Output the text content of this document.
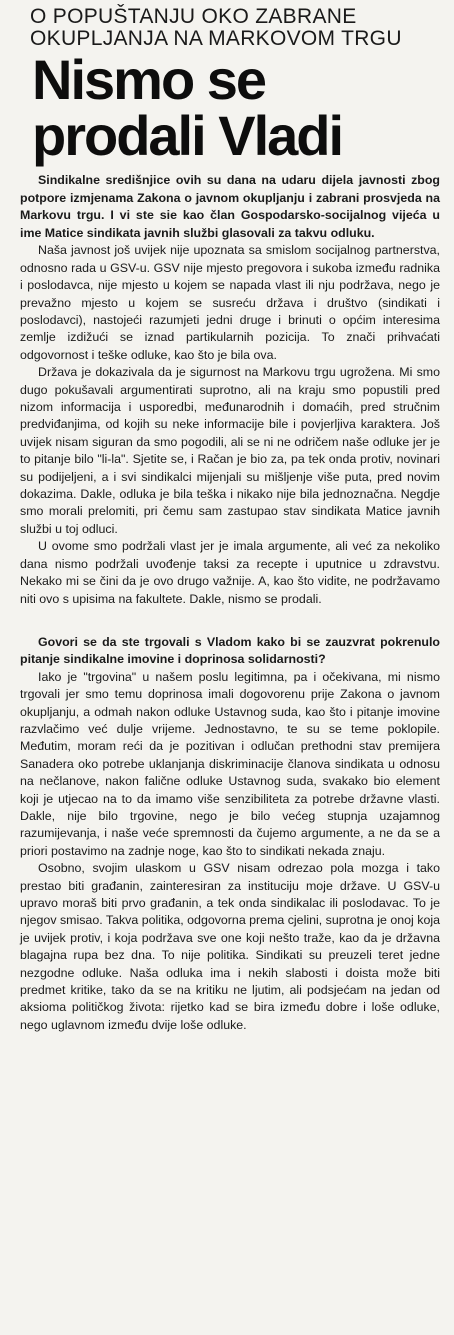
O POPUŠTANJU OKO ZABRANE
OKUPLJANJA NA MARKOVOM TRGU
Nismo se
prodali Vladi

Sindikalne središnjice ovih su dana na udaru dijela javnosti zbog potpore izmjenama Zakona o javnom okupljanju i zabrani prosvjeda na Markovu trgu. I vi ste sie kao član Gospodarsko-socijalnog vijeća u ime Matice sindikata javnih službi glasovali za takvu odluku.

Naša javnost još uvijek nije upoznata sa smislom socijalnog partnerstva, odnosno rada u GSV-u. GSV nije mjesto pregovora i sukoba između radnika i poslodavca, nije mjesto u kojem se napada vlast ili nju podržava, nego je prevažno mjesto u kojem se susreću država i društvo (sindikati i poslodavci), nastojeći razumjeti jedni druge i brinuti o općim interesima zemlje izdižući se iznad partikularnih pozicija. To znači prihvaćati odgovornost i teške odluke, kao što je bila ova.

Država je dokazivala da je sigurnost na Markovu trgu ugrožena. Mi smo dugo pokušavali argumentirati suprotno, ali na kraju smo popustili pred nizom informacija i usporedbi, međunarodnih i domaćih, pred stručnim predviđanjima, od kojih su neke informacije bile i povjerljiva karaktera. Još uvijek nisam siguran da smo pogodili, ali se ni ne odričem naše odluke jer je to pitanje bilo "li-la". Sjetite se, i Račan je bio za, pa tek onda protiv, novinari su podijeljeni, a i svi sindikalci mijenjali su mišljenje više puta, pred novim dokazima. Dakle, odluka je bila teška i nikako nije bila jednoznačna. Negdje smo morali prelomiti, pri čemu sam zastupao stav sindikata Matice javnih službi u toj odluci.

U ovome smo podržali vlast jer je imala argumente, ali već za nekoliko dana nismo podržali uvođenje taksi za recepte i uputnice u zdravstvu. Nekako mi se čini da je ovo drugo važnije. A, kao što vidite, ne podržavamo niti ovo s upisima na fakultete. Dakle, nismo se prodali.

Govori se da ste trgovali s Vladom kako bi se zauzvrat pokrenulo pitanje sindikalne imovine i doprinosa solidarnosti?

Iako je "trgovina" u našem poslu legitimna, pa i očekivana, mi nismo trgovali jer smo temu doprinosa imali dogovorenu prije Zakona o javnom okupljanju, a odmah nakon odluke Ustavnog suda, kao što i pitanje imovine razvlačimo već dulje vrijeme. Jednostavno, te su se teme poklopile. Međutim, moram reći da je pozitivan i odlučan prethodni stav premijera Sanadera oko potrebe uklanjanja diskriminacije članova sindikata u odnosu na nečlanove, nakon falične odluke Ustavnog suda, svakako bio element koji je utjecao na to da imamo više senzibiliteta za potrebe državne vlasti. Dakle, nije bilo trgovine, nego je bilo većeg stupnja uzajamnog razumijevanja, i naše veće spremnosti da čujemo argumente, a ne da se a priori postavimo na zadnje noge, kao što to sindikati nekada znaju.

Osobno, svojim ulaskom u GSV nisam odrezao pola mozga i tako prestao biti građanin, zainteresiran za instituciju moje države. U GSV-u upravo moraš biti prvo građanin, a tek onda sindikalac ili poslodavac. To je njegov smisao. Takva politika, odgovorna prema cjelini, suprotna je onoj koja je uvijek protiv, i koja podržava sve one koji nešto traže, kao da je državna blagajna rupa bez dna. To nije politika. Sindikati su preuzeli teret jedne nezgodne odluke. Naša odluka ima i nekih slabosti i doista može biti predmet kritike, tako da se na kritiku ne ljutim, ali podsjećam na jedan od aksioma političkog života: rijetko kad se bira između dobre i loše odluke, nego uglavnom između dvije loše odluke.
